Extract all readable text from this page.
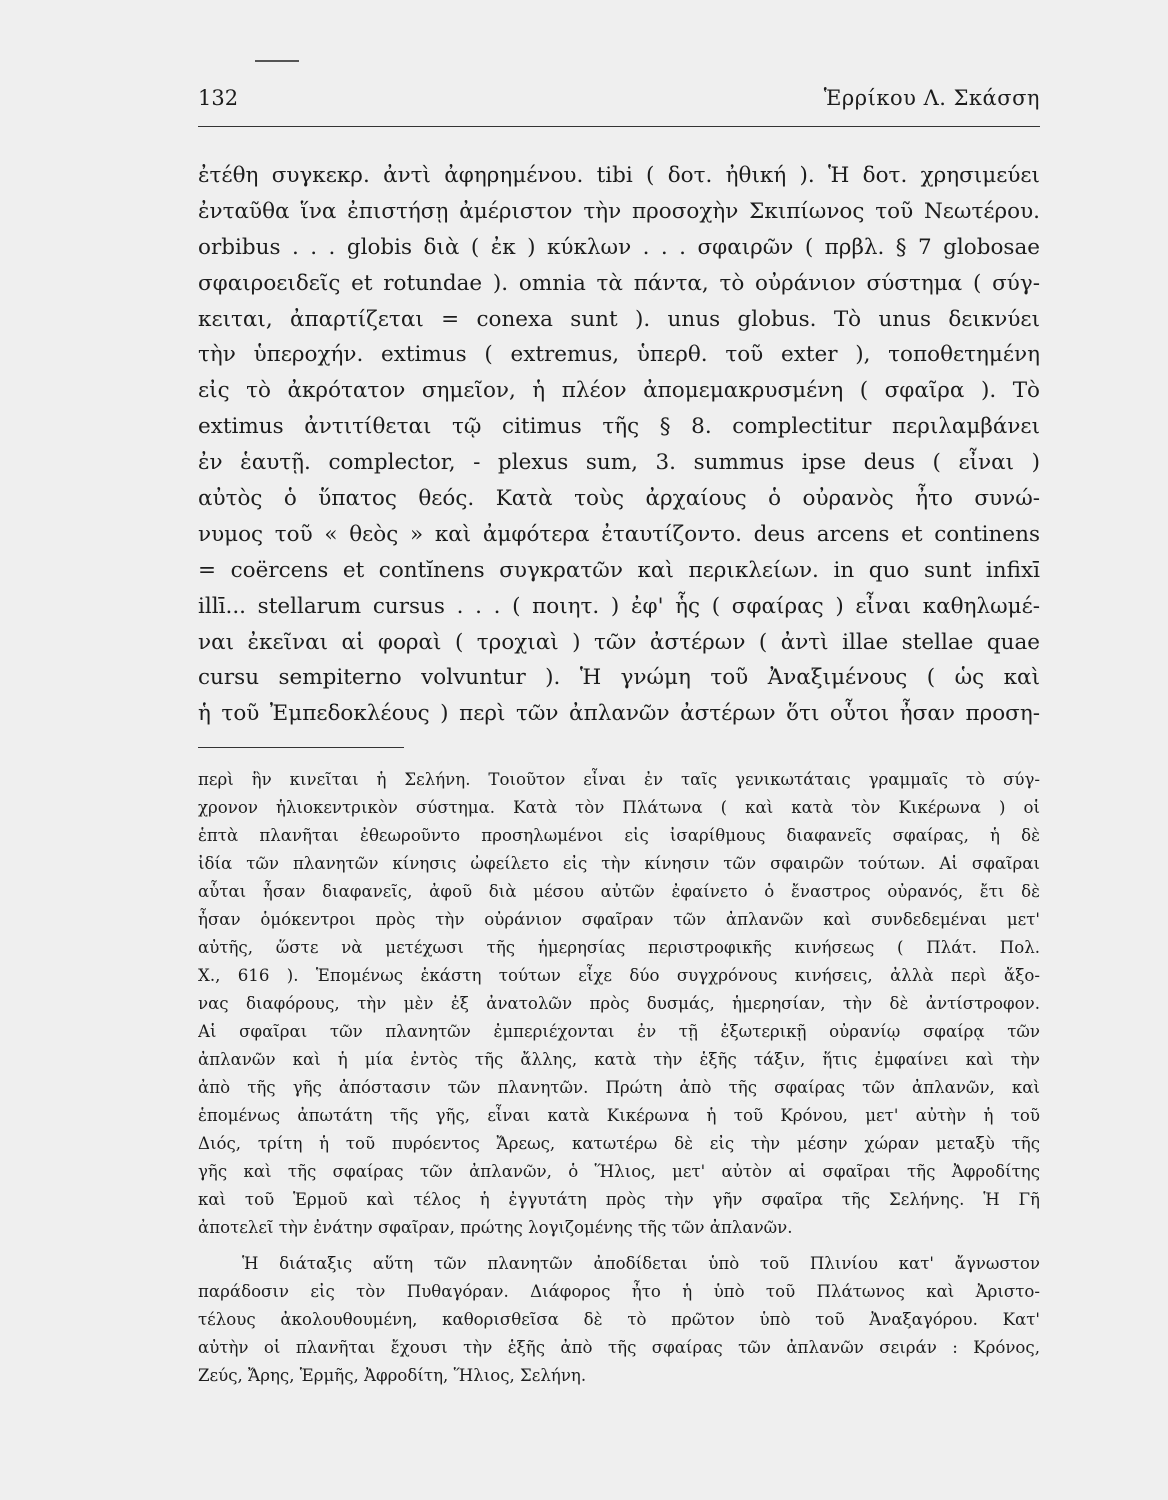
132	Ἑρρίκου Λ. Σκάσση
ἐτέθη συγκεκρ. ἀντὶ ἀφηρημένου. tibi ( δοτ. ἠθική ). Ἡ δοτ. χρησιμεύει
ἐνταῦθα ἵνα ἐπιστήσῃ ἀμέριστον τὴν προσοχὴν Σκιπίωνος τοῦ Νεωτέρου.
orbibus . . . globis διὰ ( ἐκ ) κύκλων . . . σφαιρῶν ( πρβλ. § 7 globosae
σφαιροειδεῖς et rotundae ). omnia τὰ πάντα, τὸ οὐράνιον σύστημα ( σύγ-
κειται, ἀπαρτίζεται = conexa sunt ). unus globus. Τὸ unus δεικνύει
τὴν ὑπεροχήν. extimus ( extremus, ὑπερθ. τοῦ exter ), τοποθετημένη
εἰς τὸ ἀκρότατον σημεῖον, ἡ πλέον ἀπομεμακρυσμένη ( σφαῖρα ). Τὸ
extimus ἀντιτίθεται τῷ citimus τῆς § 8. complectitur περιλαμβάνει
ἐν ἑαυτῇ. complector, - plexus sum, 3. summus ipse deus ( εἶναι )
αὐτὸς ὁ ὕπατος θεός. Κατὰ τοὺς ἀρχαίους ὁ οὐρανὸς ἦτο συνώ-
νυμος τοῦ « θεὸς » καὶ ἀμφότερα ἐταυτίζοντο. deus arcens et continens
= coërcens et contĭnens συγκρατῶν καὶ περικλείων. in quo sunt infixī
illī... stellarum cursus . . . ( ποιητ. ) ἐφ' ἧς ( σφαίρας ) εἶναι καθηλωμέ-
ναι ἐκεῖναι αἱ φοραὶ ( τροχιαὶ ) τῶν ἀστέρων ( ἀντὶ illae stellae quae
cursu sempiterno volvuntur ). Ἡ γνώμη τοῦ Ἀναξιμένους ( ὡς καὶ
ἡ τοῦ Ἐμπεδοκλέους ) περὶ τῶν ἀπλανῶν ἀστέρων ὅτι οὗτοι ἦσαν προση-
περὶ ἣν κινεῖται ἡ Σελήνη. Τοιοῦτον εἶναι ἐν ταῖς γενικωτάταις γραμμαῖς τὸ σύγ-
χρονον ἡλιοκεντρικὸν σύστημα. Κατὰ τὸν Πλάτωνα ( καὶ κατὰ τὸν Κικέρωνα ) οἱ
ἑπτὰ πλανῆται ἐθεωροῦντο προσηλωμένοι εἰς ἰσαρίθμους διαφανεῖς σφαίρας, ἡ δὲ
ἰδία τῶν πλανητῶν κίνησις ὠφείλετο εἰς τὴν κίνησιν τῶν σφαιρῶν τούτων. Αἱ σφαῖραι
αὗται ἦσαν διαφανεῖς, ἀφοῦ διὰ μέσου αὐτῶν ἐφαίνετο ὁ ἔναστρος οὐρανός, ἔτι δὲ
ἦσαν ὁμόκεντροι πρὸς τὴν οὐράνιον σφαῖραν τῶν ἀπλανῶν καὶ συνδεδεμέναι μετ'
αὐτῆς, ὥστε νὰ μετέχωσι τῆς ἡμερησίας περιστροφικῆς κινήσεως ( Πλάτ. Πολ.
X., 616 ). Ἑπομένως ἑκάστη τούτων εἶχε δύο συγχρόνους κινήσεις, ἀλλὰ περὶ ἄξο-
νας διαφόρους, τὴν μὲν ἐξ ἀνατολῶν πρὸς δυσμάς, ἡμερησίαν, τὴν δὲ ἀντίστροφον.
Αἱ σφαῖραι τῶν πλανητῶν ἐμπεριέχονται ἐν τῇ ἐξωτερικῇ οὐρανίῳ σφαίρᾳ τῶν
ἀπλανῶν καὶ ἡ μία ἐντὸς τῆς ἄλλης, κατὰ τὴν ἑξῆς τάξιν, ἥτις ἐμφαίνει καὶ τὴν
ἀπὸ τῆς γῆς ἀπόστασιν τῶν πλανητῶν. Πρώτη ἀπὸ τῆς σφαίρας τῶν ἀπλανῶν, καὶ
ἑπομένως ἀπωτάτη τῆς γῆς, εἶναι κατὰ Κικέρωνα ἡ τοῦ Κρόνου, μετ' αὐτὴν ἡ τοῦ
Διός, τρίτη ἡ τοῦ πυρόεντος Ἄρεως, κατωτέρω δὲ εἰς τὴν μέσην χώραν μεταξὺ τῆς
γῆς καὶ τῆς σφαίρας τῶν ἀπλανῶν, ὁ Ἥλιος, μετ' αὐτὸν αἱ σφαῖραι τῆς Ἀφροδίτης
καὶ τοῦ Ἑρμοῦ καὶ τέλος ἡ ἐγγυτάτη πρὸς τὴν γῆν σφαῖρα τῆς Σελήνης. Ἡ Γῆ
ἀποτελεῖ τὴν ἐνάτην σφαῖραν, πρώτης λογιζομένης τῆς τῶν ἀπλανῶν.
Ἡ διάταξις αὕτη τῶν πλανητῶν ἀποδίδεται ὑπὸ τοῦ Πλινίου κατ' ἄγνωστον
παράδοσιν εἰς τὸν Πυθαγόραν. Διάφορος ἦτο ἡ ὑπὸ τοῦ Πλάτωνος καὶ Ἀριστο-
τέλους ἀκολουθουμένη, καθορισθεῖσα δὲ τὸ πρῶτον ὑπὸ τοῦ Ἀναξαγόρου. Κατ'
αὐτὴν οἱ πλανῆται ἔχουσι τὴν ἑξῆς ἀπὸ τῆς σφαίρας τῶν ἀπλανῶν σειράν : Κρόνος,
Ζεύς, Ἄρης, Ἑρμῆς, Ἀφροδίτη, Ἥλιος, Σελήνη.
